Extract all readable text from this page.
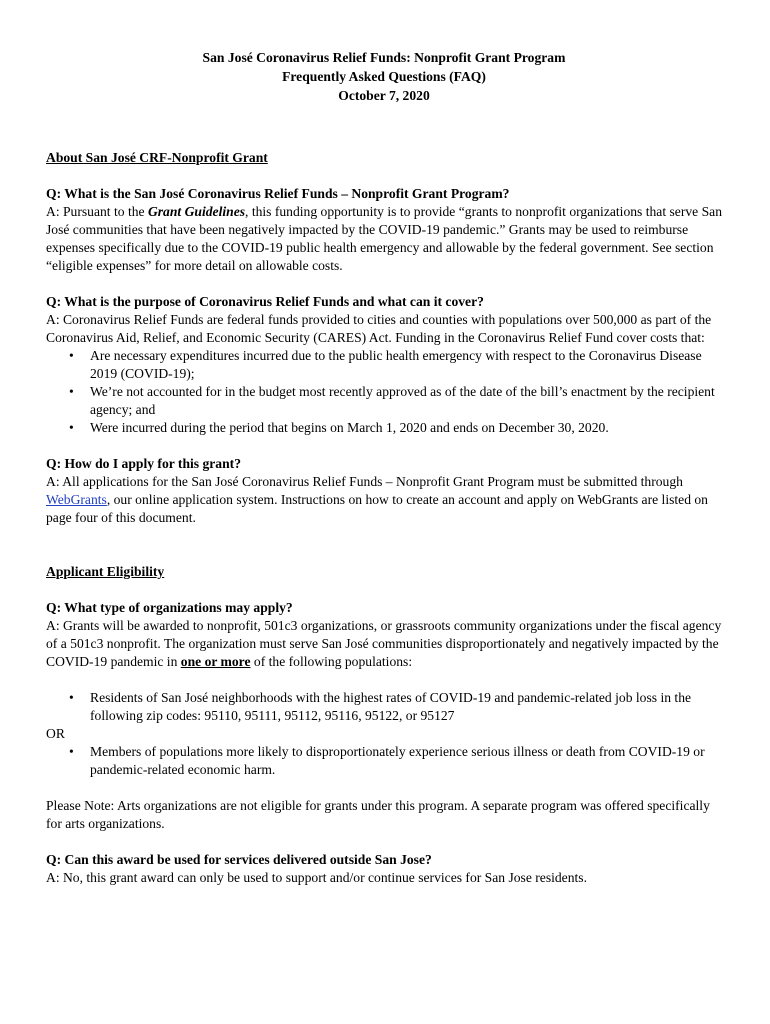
San José Coronavirus Relief Funds: Nonprofit Grant Program
Frequently Asked Questions (FAQ)
October 7, 2020

About San José CRF-Nonprofit Grant

Q: What is the San José Coronavirus Relief Funds – Nonprofit Grant Program?

A: Pursuant to the Grant Guidelines, this funding opportunity is to provide “grants to nonprofit organizations that serve San José communities that have been negatively impacted by the COVID-19 pandemic.” Grants may be used to reimburse expenses specifically due to the COVID-19 public health emergency and allowable by the federal government. See section “eligible expenses” for more detail on allowable costs.

Q: What is the purpose of Coronavirus Relief Funds and what can it cover?

A: Coronavirus Relief Funds are federal funds provided to cities and counties with populations over 500,000 as part of the Coronavirus Aid, Relief, and Economic Security (CARES) Act. Funding in the Coronavirus Relief Fund cover costs that:

• Are necessary expenditures incurred due to the public health emergency with respect to the Coronavirus Disease 2019 (COVID-19);
• We’re not accounted for in the budget most recently approved as of the date of the bill’s enactment by the recipient agency; and
• Were incurred during the period that begins on March 1, 2020 and ends on December 30, 2020.

Q: How do I apply for this grant?

A: All applications for the San José Coronavirus Relief Funds – Nonprofit Grant Program must be submitted through WebGrants, our online application system. Instructions on how to create an account and apply on WebGrants are listed on page four of this document.

Applicant Eligibility

Q: What type of organizations may apply?

A: Grants will be awarded to nonprofit, 501c3 organizations, or grassroots community organizations under the fiscal agency of a 501c3 nonprofit. The organization must serve San José communities disproportionately and negatively impacted by the COVID-19 pandemic in one or more of the following populations:

• Residents of San José neighborhoods with the highest rates of COVID-19 and pandemic-related job loss in the following zip codes: 95110, 95111, 95112, 95116, 95122, or 95127

OR

• Members of populations more likely to disproportionately experience serious illness or death from COVID-19 or pandemic-related economic harm.

Please Note: Arts organizations are not eligible for grants under this program. A separate program was offered specifically for arts organizations.

Q: Can this award be used for services delivered outside San Jose?

A: No, this grant award can only be used to support and/or continue services for San Jose residents.
